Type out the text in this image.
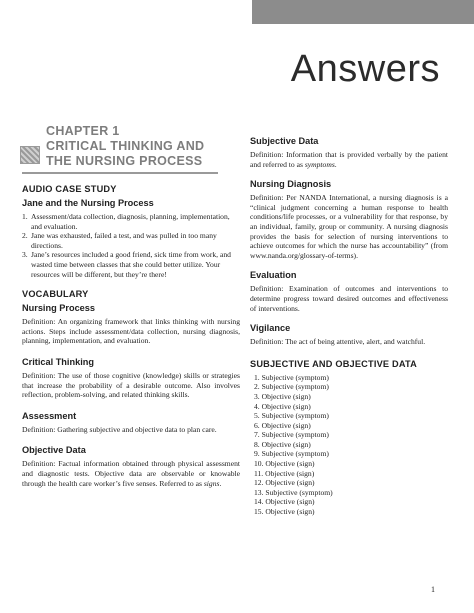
Answers
CHAPTER 1
CRITICAL THINKING AND
THE NURSING PROCESS
AUDIO CASE STUDY
Jane and the Nursing Process
1. Assessment/data collection, diagnosis, planning, implementation, and evaluation.
2. Jane was exhausted, failed a test, and was pulled in too many directions.
3. Jane’s resources included a good friend, sick time from work, and wasted time between classes that she could better utilize. Your resources will be different, but they’re there!
VOCABULARY
Nursing Process
Definition: An organizing framework that links thinking with nursing actions. Steps include assessment/data collection, nursing diagnosis, planning, implementation, and evaluation.
Critical Thinking
Definition: The use of those cognitive (knowledge) skills or strategies that increase the probability of a desirable outcome. Also involves reflection, problem-solving, and related thinking skills.
Assessment
Definition: Gathering subjective and objective data to plan care.
Objective Data
Definition: Factual information obtained through physical assessment and diagnostic tests. Objective data are observable or knowable through the health care worker’s five senses. Referred to as signs.
Subjective Data
Definition: Information that is provided verbally by the patient and referred to as symptoms.
Nursing Diagnosis
Definition: Per NANDA International, a nursing diagnosis is a “clinical judgment concerning a human response to health conditions/life processes, or a vulnerability for that response, by an individual, family, group or community. A nursing diagnosis provides the basis for selection of nursing interventions to achieve outcomes for which the nurse has accountability” (from www.nanda.org/glossary-of-terms).
Evaluation
Definition: Examination of outcomes and interventions to determine progress toward desired outcomes and effectiveness of interventions.
Vigilance
Definition: The act of being attentive, alert, and watchful.
SUBJECTIVE AND OBJECTIVE DATA
1. Subjective (symptom)
2. Subjective (symptom)
3. Objective (sign)
4. Objective (sign)
5. Subjective (symptom)
6. Objective (sign)
7. Subjective (symptom)
8. Objective (sign)
9. Subjective (symptom)
10. Objective (sign)
11. Objective (sign)
12. Objective (sign)
13. Subjective (symptom)
14. Objective (sign)
15. Objective (sign)
1
